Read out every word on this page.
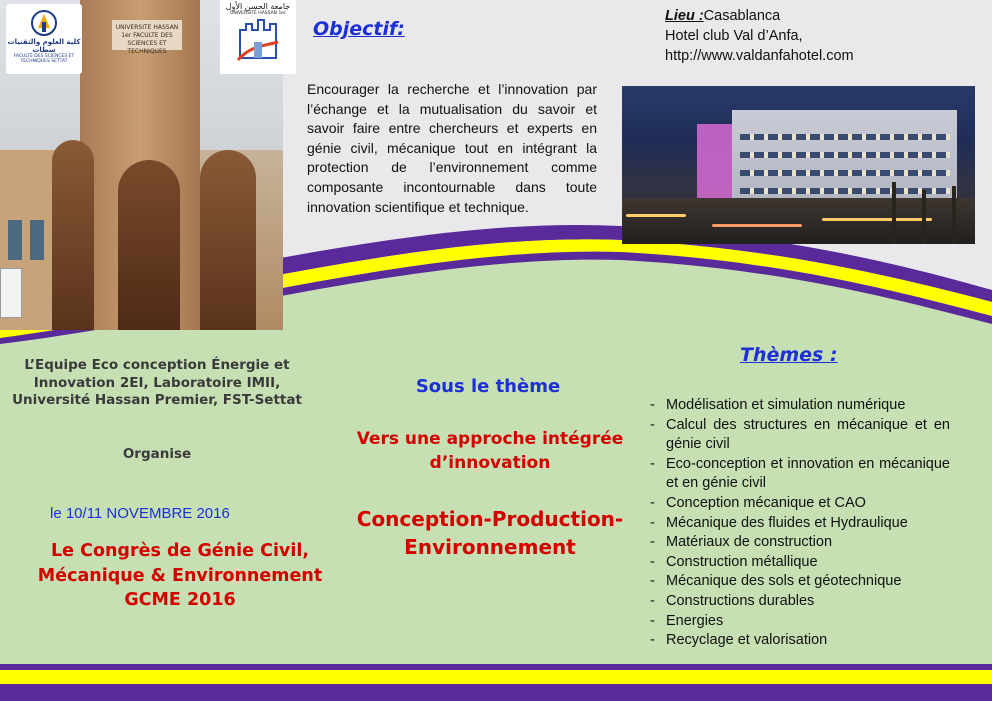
UNIVERSITE HASSAN 1er FACULTE DES SCIENCES ET TECHNIQUES
كلية العلوم والتقنيات سطات
FACULTÉ DES SCIENCES ET TECHNIQUES SETTAT
جامعة الحسن الأول
UNIVERSITÉ HASSAN 1er
Objectif:
Encourager la recherche et l’innovation par l’échange et la mutualisation du savoir et savoir faire entre chercheurs et experts en génie civil, mécanique tout en intégrant la protection de l’environnement comme composante incontournable dans toute innovation scientifique et technique.
Lieu :Casablanca
Hotel club Val d’Anfa,
http://www.valdanfahotel.com
L’Equipe Eco conception Énergie et Innovation 2EI, Laboratoire IMII, Université Hassan Premier, FST-Settat
Organise
le 10/11 NOVEMBRE 2016
Le Congrès de Génie Civil, Mécanique & Environnement GCME 2016
Sous le thème
Vers une approche intégrée d’innovation
Conception-Production-Environnement
Thèmes :
- Modélisation et simulation numérique
- Calcul des structures en mécanique et en génie civil
- Eco-conception et innovation en mécanique et en génie civil
- Conception mécanique et CAO
- Mécanique des fluides et Hydraulique
- Matériaux de construction
- Construction métallique
- Mécanique des sols et géotechnique
- Constructions durables
- Energies
- Recyclage et valorisation
